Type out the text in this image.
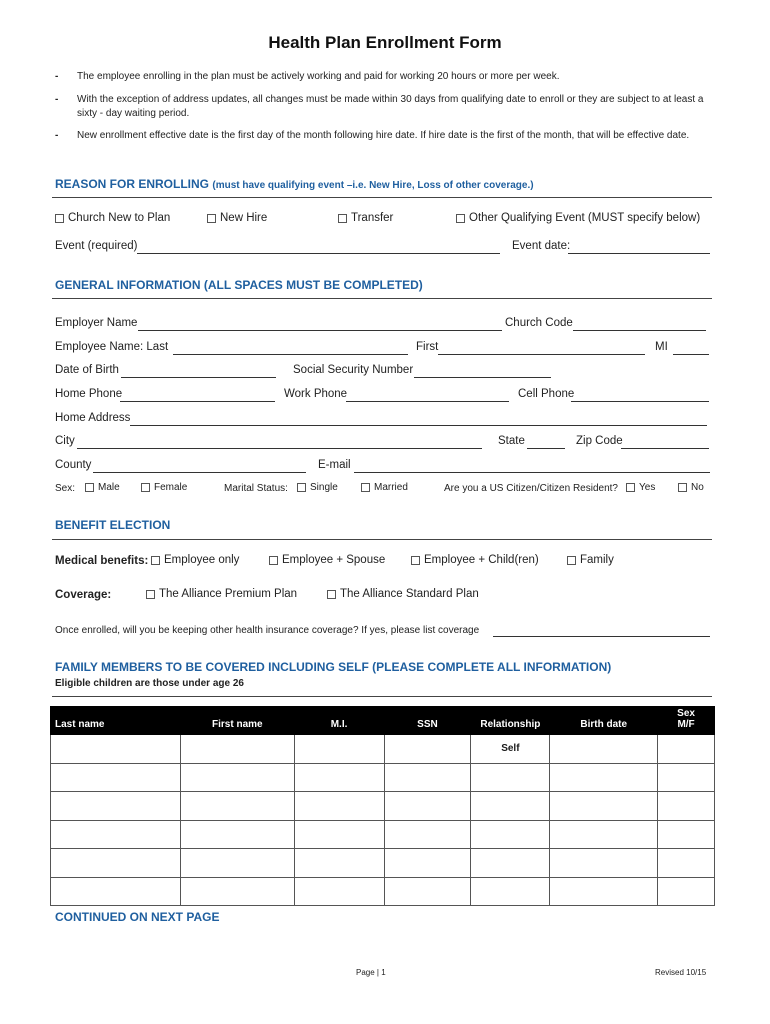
Health Plan Enrollment Form
- The employee enrolling in the plan must be actively working and paid for working 20 hours or more per week.
- With the exception of address updates, all changes must be made within 30 days from qualifying date to enroll or they are subject to at least a sixty - day waiting period.
- New enrollment effective date is the first day of the month following hire date. If hire date is the first of the month, that will be effective date.
REASON FOR ENROLLING (must have qualifying event –i.e. New Hire, Loss of other coverage.)
Church New to Plan	New Hire	Transfer	Other Qualifying Event (MUST specify below)
Event (required)	Event date:
GENERAL INFORMATION (ALL SPACES MUST BE COMPLETED)
Employer Name	Church Code
Employee Name: Last	First	MI
Date of Birth	Social Security Number
Home Phone	Work Phone	Cell Phone
Home Address
City	State	Zip Code
County	E-mail
Sex: Male	Female	Marital Status: Single	Married	Are you a US Citizen/Citizen Resident? Yes	No
BENEFIT ELECTION
Medical benefits: Employee only	Employee + Spouse	Employee + Child(ren)	Family
Coverage:	The Alliance Premium Plan	The Alliance Standard Plan
Once enrolled, will you be keeping other health insurance coverage? If yes, please list coverage
FAMILY MEMBERS TO BE COVERED INCLUDING SELF (PLEASE COMPLETE ALL INFORMATION)
Eligible children are those under age 26
Last name	First name	M.I.	SSN	Relationship	Birth date	Sex
M/F
				Self		

CONTINUED ON NEXT PAGE
Page | 1	Revised 10/15
